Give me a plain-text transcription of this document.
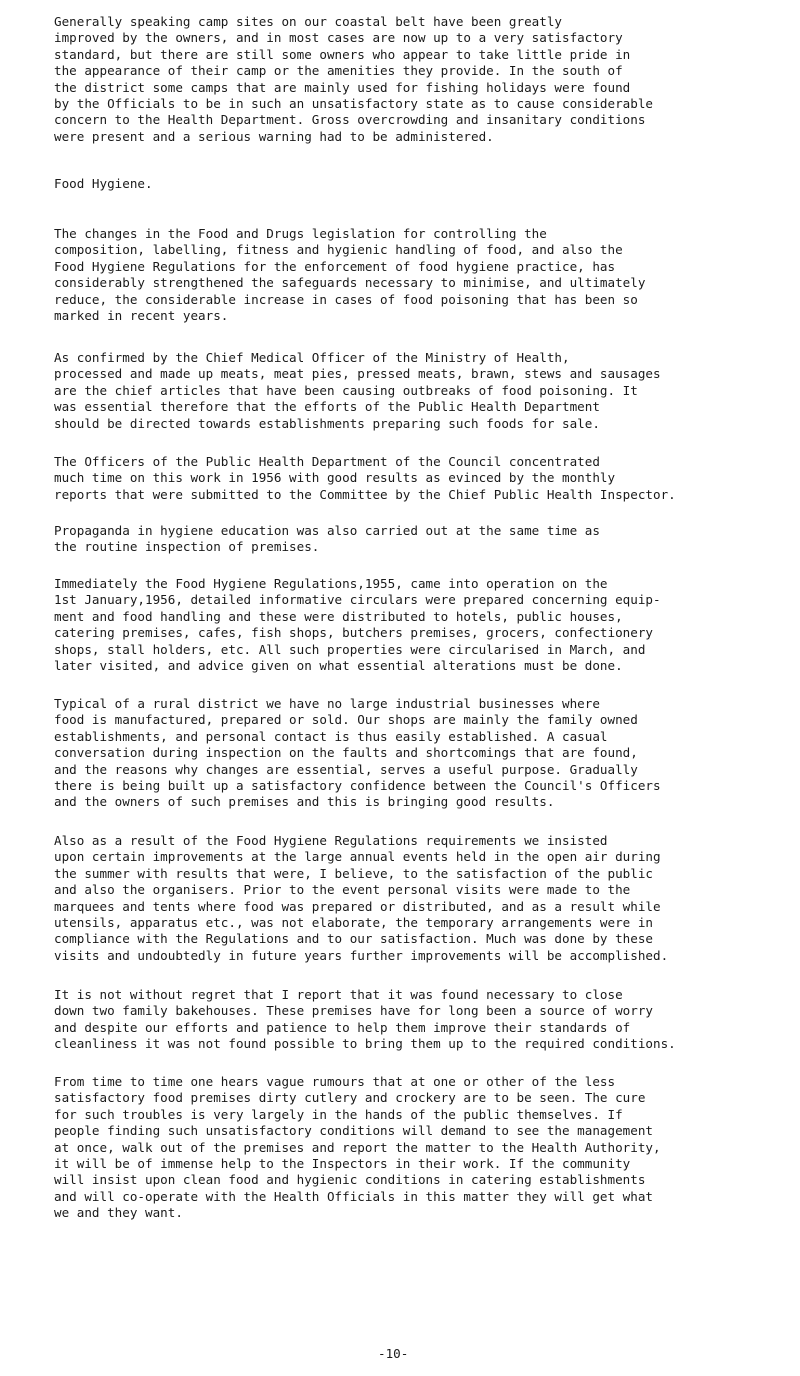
Generally speaking camp sites on our coastal belt have been greatly
improved by the owners, and in most cases are now up to a very satisfactory
standard, but there are still some owners who appear to take little pride in
the appearance of their camp or the amenities they provide. In the south of
the district some camps that are mainly used for fishing holidays were found
by the Officials to be in such an unsatisfactory state as to cause considerable
concern to the Health Department. Gross overcrowding and insanitary conditions
were present and a serious warning had to be administered.
Food Hygiene.
The changes in the Food and Drugs legislation for controlling the
composition, labelling, fitness and hygienic handling of food, and also the
Food Hygiene Regulations for the enforcement of food hygiene practice, has
considerably strengthened the safeguards necessary to minimise, and ultimately
reduce, the considerable increase in cases of food poisoning that has been so
marked in recent years.
As confirmed by the Chief Medical Officer of the Ministry of Health,
processed and made up meats, meat pies, pressed meats, brawn, stews and sausages
are the chief articles that have been causing outbreaks of food poisoning. It
was essential therefore that the efforts of the Public Health Department
should be directed towards establishments preparing such foods for sale.
The Officers of the Public Health Department of the Council concentrated
much time on this work in 1956 with good results as evinced by the monthly
reports that were submitted to the Committee by the Chief Public Health Inspector.
Propaganda in hygiene education was also carried out at the same time as
the routine inspection of premises.
Immediately the Food Hygiene Regulations,1955, came into operation on the
1st January,1956, detailed informative circulars were prepared concerning equip-
ment and food handling and these were distributed to hotels, public houses,
catering premises, cafes, fish shops, butchers premises, grocers, confectionery
shops, stall holders, etc. All such properties were circularised in March, and
later visited, and advice given on what essential alterations must be done.
Typical of a rural district we have no large industrial businesses where
food is manufactured, prepared or sold. Our shops are mainly the family owned
establishments, and personal contact is thus easily established. A casual
conversation during inspection on the faults and shortcomings that are found,
and the reasons why changes are essential, serves a useful purpose. Gradually
there is being built up a satisfactory confidence between the Council's Officers
and the owners of such premises and this is bringing good results.
Also as a result of the Food Hygiene Regulations requirements we insisted
upon certain improvements at the large annual events held in the open air during
the summer with results that were, I believe, to the satisfaction of the public
and also the organisers. Prior to the event personal visits were made to the
marquees and tents where food was prepared or distributed, and as a result while
utensils, apparatus etc., was not elaborate, the temporary arrangements were in
compliance with the Regulations and to our satisfaction. Much was done by these
visits and undoubtedly in future years further improvements will be accomplished.
It is not without regret that I report that it was found necessary to close
down two family bakehouses. These premises have for long been a source of worry
and despite our efforts and patience to help them improve their standards of
cleanliness it was not found possible to bring them up to the required conditions.
From time to time one hears vague rumours that at one or other of the less
satisfactory food premises dirty cutlery and crockery are to be seen. The cure
for such troubles is very largely in the hands of the public themselves. If
people finding such unsatisfactory conditions will demand to see the management
at once, walk out of the premises and report the matter to the Health Authority,
it will be of immense help to the Inspectors in their work. If the community
will insist upon clean food and hygienic conditions in catering establishments
and will co-operate with the Health Officials in this matter they will get what
we and they want.
-10-
